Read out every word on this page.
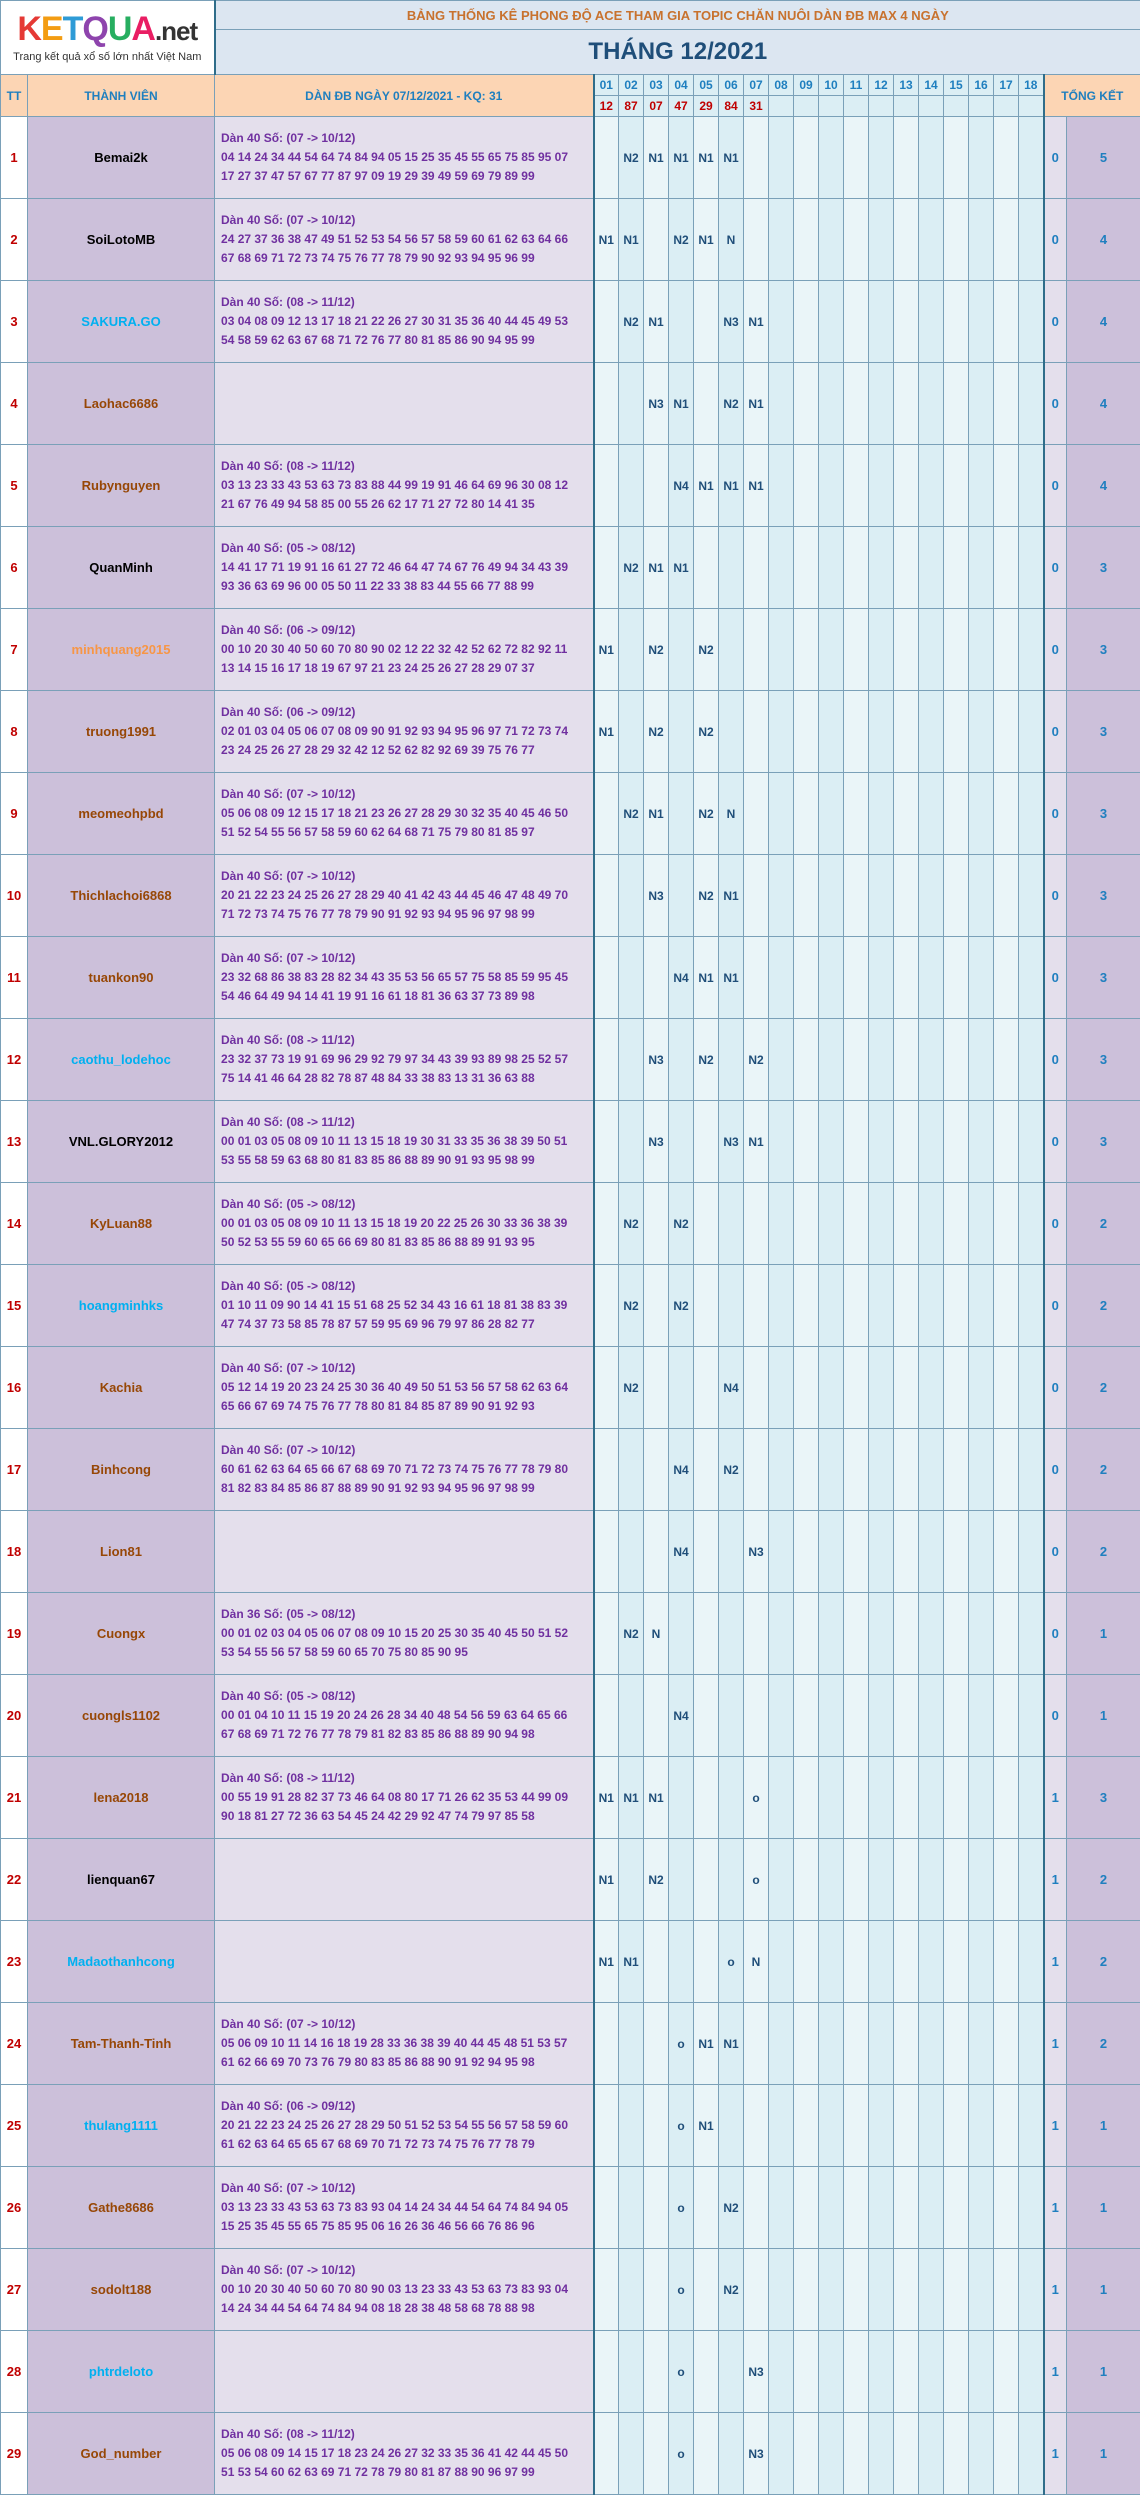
KETQUA.net
Trang kết quả xổ số lớn nhất Việt Nam		BẢNG THỐNG KÊ PHONG ĐỘ ACE THAM GIA TOPIC CHĂN NUÔI DÀN ĐB MAX 4 NGÀY																				
		THÁNG 12/2021																				
TT	THÀNH VIÊN	DÀN ĐB NGÀY 07/12/2021 - KQ: 31	01	02	03	04	05	06	07	08	09	10	11	12	13	14	15	16	17	18	TỔNG KẾT	
			12	87	07	47	29	84	31													
1	Bemai2k	Dàn 40 Số: (07 -> 10/12)
04 14 24 34 44 54 64 74 84 94 05 15 25 35 45 55 65 75 85 95 07
17 27 37 47 57 67 77 87 97 09 19 29 39 49 59 69 79 89 99		N2	N1	N1	N1	N1													0	5
2	SoiLotoMB	Dàn 40 Số: (07 -> 10/12)
24 27 37 36 38 47 49 51 52 53 54 56 57 58 59 60 61 62 63 64 66
67 68 69 71 72 73 74 75 76 77 78 79 90 92 93 94 95 96 99	N1	N1		N2	N1	N													0	4
3	SAKURA.GO	Dàn 40 Số: (08 -> 11/12)
03 04 08 09 12 13 17 18 21 22 26 27 30 31 35 36 40 44 45 49 53
54 58 59 62 63 67 68 71 72 76 77 80 81 85 86 90 94 95 99		N2	N1			N3	N1												0	4
4	Laohac6686				N3	N1		N2	N1												0	4
5	Rubynguyen	Dàn 40 Số: (08 -> 11/12)
03 13 23 33 43 53 63 73 83 88 44 99 19 91 46 64 69 96 30 08 12
21 67 76 49 94 58 85 00 55 26 62 17 71 27 72 80 14 41 35				N4	N1	N1	N1												0	4
6	QuanMinh	Dàn 40 Số: (05 -> 08/12)
14 41 17 71 19 91 16 61 27 72 46 64 47 74 67 76 49 94 34 43 39
93 36 63 69 96 00 05 50 11 22 33 38 83 44 55 66 77 88 99		N2	N1	N1															0	3
7	minhquang2015	Dàn 40 Số: (06 -> 09/12)
00 10 20 30 40 50 60 70 80 90 02 12 22 32 42 52 62 72 82 92 11
13 14 15 16 17 18 19 67 97 21 23 24 25 26 27 28 29 07 37	N1		N2		N2														0	3
8	truong1991	Dàn 40 Số: (06 -> 09/12)
02 01 03 04 05 06 07 08 09 90 91 92 93 94 95 96 97 71 72 73 74
23 24 25 26 27 28 29 32 42 12 52 62 82 92 69 39 75 76 77	N1		N2		N2														0	3
9	meomeohpbd	Dàn 40 Số: (07 -> 10/12)
05 06 08 09 12 15 17 18 21 23 26 27 28 29 30 32 35 40 45 46 50
51 52 54 55 56 57 58 59 60 62 64 68 71 75 79 80 81 85 97		N2	N1		N2	N													0	3
10	Thichlachoi6868	Dàn 40 Số: (07 -> 10/12)
20 21 22 23 24 25 26 27 28 29 40 41 42 43 44 45 46 47 48 49 70
71 72 73 74 75 76 77 78 79 90 91 92 93 94 95 96 97 98 99			N3		N2	N1													0	3
11	tuankon90	Dàn 40 Số: (07 -> 10/12)
23 32 68 86 38 83 28 82 34 43 35 53 56 65 57 75 58 85 59 95 45
54 46 64 49 94 14 41 19 91 16 61 18 81 36 63 37 73 89 98				N4	N1	N1													0	3
12	caothu_lodehoc	Dàn 40 Số: (08 -> 11/12)
23 32 37 73 19 91 69 96 29 92 79 97 34 43 39 93 89 98 25 52 57
75 14 41 46 64 28 82 78 87 48 84 33 38 83 13 31 36 63 88			N3		N2		N2												0	3
13	VNL.GLORY2012	Dàn 40 Số: (08 -> 11/12)
00 01 03 05 08 09 10 11 13 15 18 19 30 31 33 35 36 38 39 50 51
53 55 58 59 63 68 80 81 83 85 86 88 89 90 91 93 95 98 99			N3			N3	N1												0	3
14	KyLuan88	Dàn 40 Số: (05 -> 08/12)
00 01 03 05 08 09 10 11 13 15 18 19 20 22 25 26 30 33 36 38 39
50 52 53 55 59 60 65 66 69 80 81 83 85 86 88 89 91 93 95		N2		N2															0	2
15	hoangminhks	Dàn 40 Số: (05 -> 08/12)
01 10 11 09 90 14 41 15 51 68 25 52 34 43 16 61 18 81 38 83 39
47 74 37 73 58 85 78 87 57 59 95 69 96 79 97 86 28 82 77		N2		N2															0	2
16	Kachia	Dàn 40 Số: (07 -> 10/12)
05 12 14 19 20 23 24 25 30 36 40 49 50 51 53 56 57 58 62 63 64
65 66 67 69 74 75 76 77 78 80 81 84 85 87 89 90 91 92 93		N2				N4													0	2
17	Binhcong	Dàn 40 Số: (07 -> 10/12)
60 61 62 63 64 65 66 67 68 69 70 71 72 73 74 75 76 77 78 79 80
81 82 83 84 85 86 87 88 89 90 91 92 93 94 95 96 97 98 99				N4		N2													0	2
18	Lion81					N4			N3												0	2
19	Cuongx	Dàn 36 Số: (05 -> 08/12)
00 01 02 03 04 05 06 07 08 09 10 15 20 25 30 35 40 45 50 51 52
53 54 55 56 57 58 59 60 65 70 75 80 85 90 95		N2	N																0	1
20	cuongls1102	Dàn 40 Số: (05 -> 08/12)
00 01 04 10 11 15 19 20 24 26 28 34 40 48 54 56 59 63 64 65 66
67 68 69 71 72 76 77 78 79 81 82 83 85 86 88 89 90 94 98				N4															0	1
21	lena2018	Dàn 40 Số: (08 -> 11/12)
00 55 19 91 28 82 37 73 46 64 08 80 17 71 26 62 35 53 44 99 09
90 18 81 27 72 36 63 54 45 24 42 29 92 47 74 79 97 85 58	N1	N1	N1				o												1	3
22	lienquan67		N1		N2				o												1	2
23	Madaothanhcong		N1	N1				o	N												1	2
24	Tam-Thanh-Tinh	Dàn 40 Số: (07 -> 10/12)
05 06 09 10 11 14 16 18 19 28 33 36 38 39 40 44 45 48 51 53 57
61 62 66 69 70 73 76 79 80 83 85 86 88 90 91 92 94 95 98				o	N1	N1													1	2
25	thulang1111	Dàn 40 Số: (06 -> 09/12)
20 21 22 23 24 25 26 27 28 29 50 51 52 53 54 55 56 57 58 59 60
61 62 63 64 65 65 67 68 69 70 71 72 73 74 75 76 77 78 79				o	N1														1	1
26	Gathe8686	Dàn 40 Số: (07 -> 10/12)
03 13 23 33 43 53 63 73 83 93 04 14 24 34 44 54 64 74 84 94 05
15 25 35 45 55 65 75 85 95 06 16 26 36 46 56 66 76 86 96				o		N2													1	1
27	sodolt188	Dàn 40 Số: (07 -> 10/12)
00 10 20 30 40 50 60 70 80 90 03 13 23 33 43 53 63 73 83 93 04
14 24 34 44 54 64 74 84 94 08 18 28 38 48 58 68 78 88 98				o		N2													1	1
28	phtrdeloto					o			N3												1	1
29	God_number	Dàn 40 Số: (08 -> 11/12)
05 06 08 09 14 15 17 18 23 24 26 27 32 33 35 36 41 42 44 45 50
51 53 54 60 62 63 69 71 72 78 79 80 81 87 88 90 96 97 99				o			N3												1	1
